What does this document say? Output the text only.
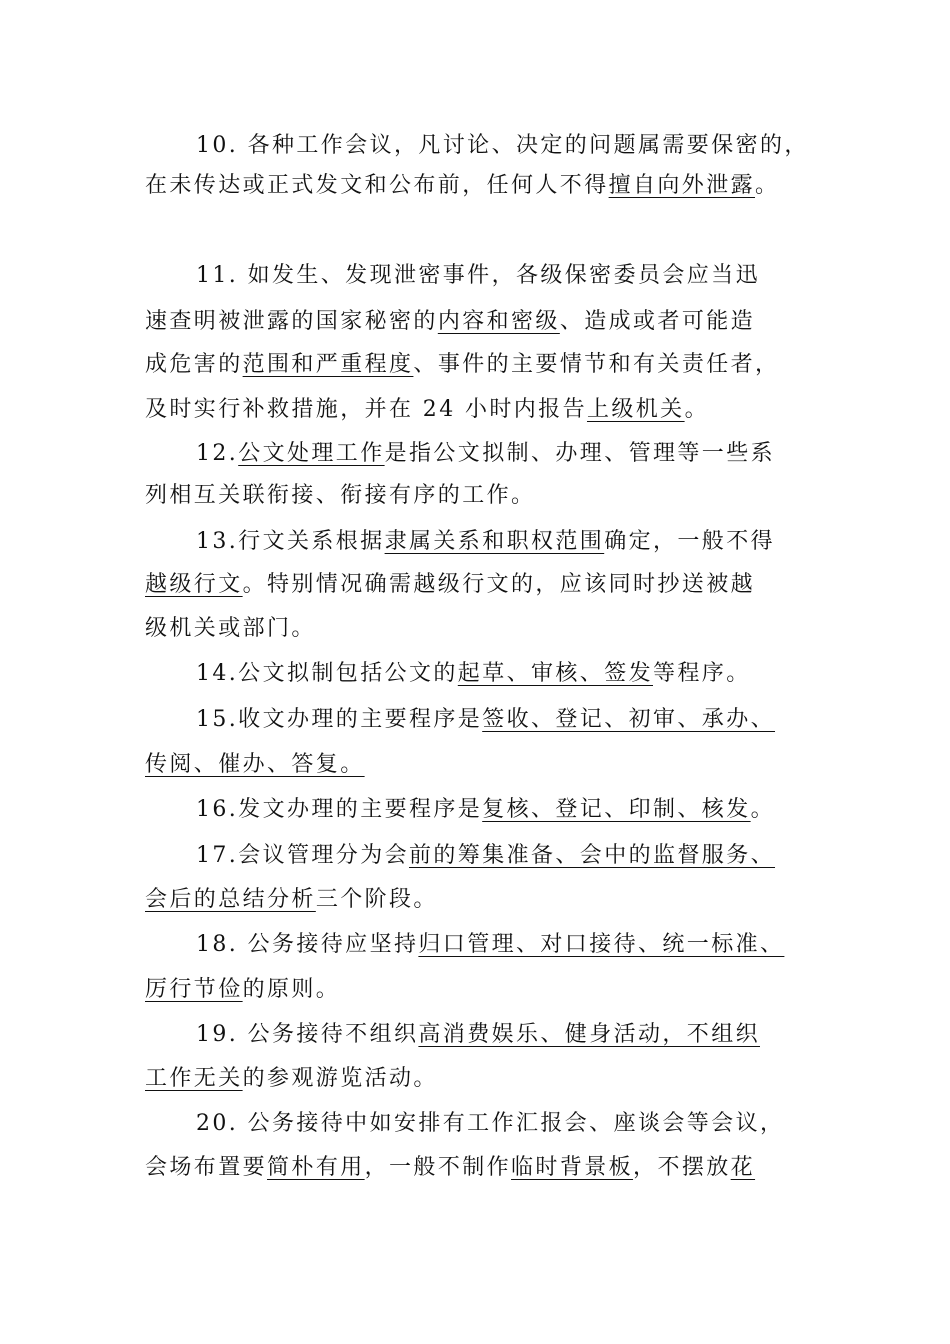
10. 各种工作会议，凡讨论、决定的问题属需要保密的，
在未传达或正式发文和公布前，任何人不得擅自向外泄露。
11. 如发生、发现泄密事件，各级保密委员会应当迅
速查明被泄露的国家秘密的内容和密级、造成或者可能造
成危害的范围和严重程度、事件的主要情节和有关责任者，
及时实行补救措施，并在 24 小时内报告上级机关。
12.公文处理工作是指公文拟制、办理、管理等一些系
列相互关联衔接、衔接有序的工作。
13.行文关系根据隶属关系和职权范围确定，一般不得
越级行文。特别情况确需越级行文的，应该同时抄送被越
级机关或部门。
14.公文拟制包括公文的起草、审核、签发等程序。
15.收文办理的主要程序是签收、登记、初审、承办、
传阅、催办、答复。
16.发文办理的主要程序是复核、登记、印制、核发。
17.会议管理分为会前的筹集准备、会中的监督服务、
会后的总结分析三个阶段。
18. 公务接待应坚持归口管理、对口接待、统一标准、
厉行节俭的原则。
19. 公务接待不组织高消费娱乐、健身活动，不组织
工作无关的参观游览活动。
20. 公务接待中如安排有工作汇报会、座谈会等会议，
会场布置要简朴有用，一般不制作临时背景板，不摆放花
